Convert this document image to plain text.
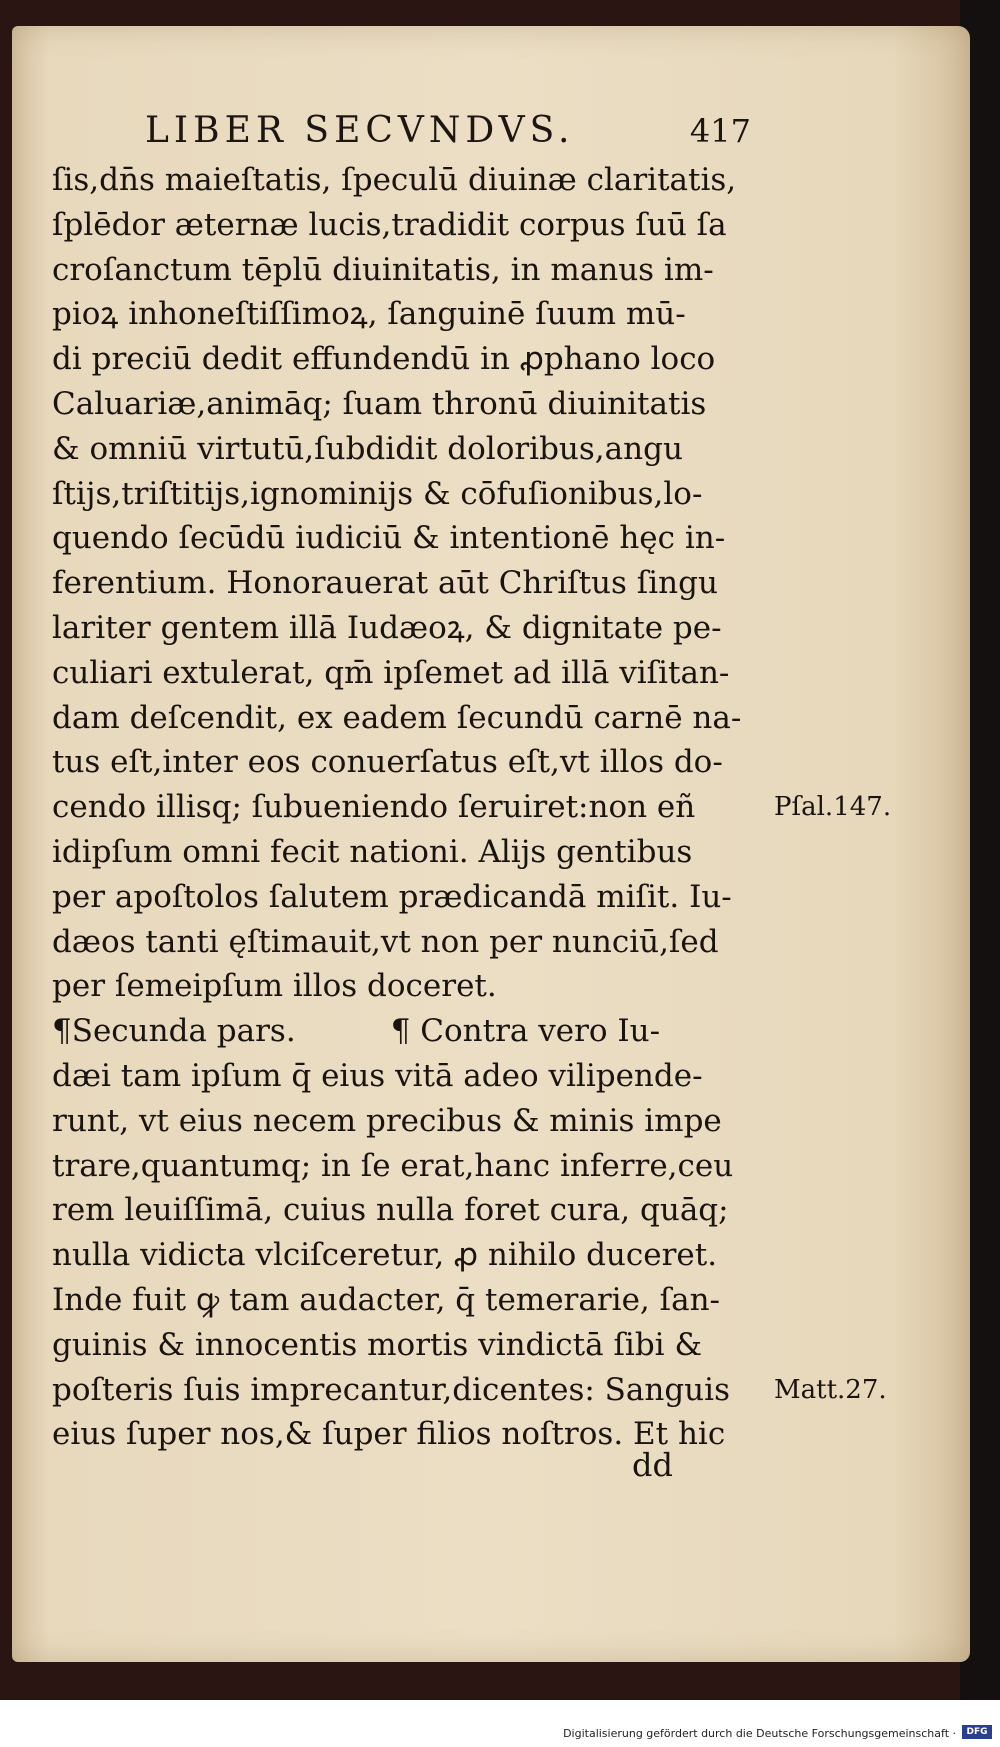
LIBER SECVNDVS.	417
ſis,dn̄s maieſtatis, ſpeculū diuinæ claritatis,
ſplēdor æternæ lucis,tradidit corpus ſuū ſa
croſanctum tēplū diuinitatis, in manus im‑
pioꝝ inhoneſtiſſimoꝝ, ſanguinē ſuum mū‑
di preciū dedit effundendū in ꝓphano loco
Caluariæ,animāq; ſuam thronū diuinitatis
& omniū virtutū,ſubdidit doloribus,angu
ſtijs,triſtitijs,ignominijs & cōfuſionibus,lo‑
quendo ſecūdū iudiciū & intentionē hęc in‑
ferentium. Honorauerat aūt Chriſtus ſingu
lariter gentem illā Iudæoꝝ, & dignitate pe‑
culiari extulerat, qm̄ ipſemet ad illā viſitan‑
dam deſcendit, ex eadem ſecundū carnē na‑
tus eſt,inter eos conuerſatus eſt,vt illos do‑
cendo illisq; ſubueniendo ſeruiret:non eñ
idipſum omni fecit nationi. Alijs gentibus
per apoſtolos ſalutem prædicandā miſit. Iu‑
dæos tanti ęſtimauit,vt non per nunciū,ſed
per ſemeipſum illos doceret.
¶Secunda pars.	¶ Contra vero Iu‑
dæi tam ipſum q̄ eius vitā adeo vilipende‑
runt, vt eius necem precibus & minis impe
trare,quantumq; in ſe erat,hanc inferre,ceu
rem leuiſſimā, cuius nulla foret cura, quāq;
nulla vidicta vlciſceretur, ꝓ nihilo duceret.
Inde fuit ꝙ tam audacter, q̄ temerarie, ſan‑
guinis & innocentis mortis vindictā ſibi &
poſteris ſuis imprecantur,dicentes: Sanguis
eius ſuper nos,& ſuper filios noſtros. Et hic
Pſal.147.
Matt.27.
dd
Digitalisierung gefördert durch die Deutsche Forschungsgemeinschaft ·	DFG
